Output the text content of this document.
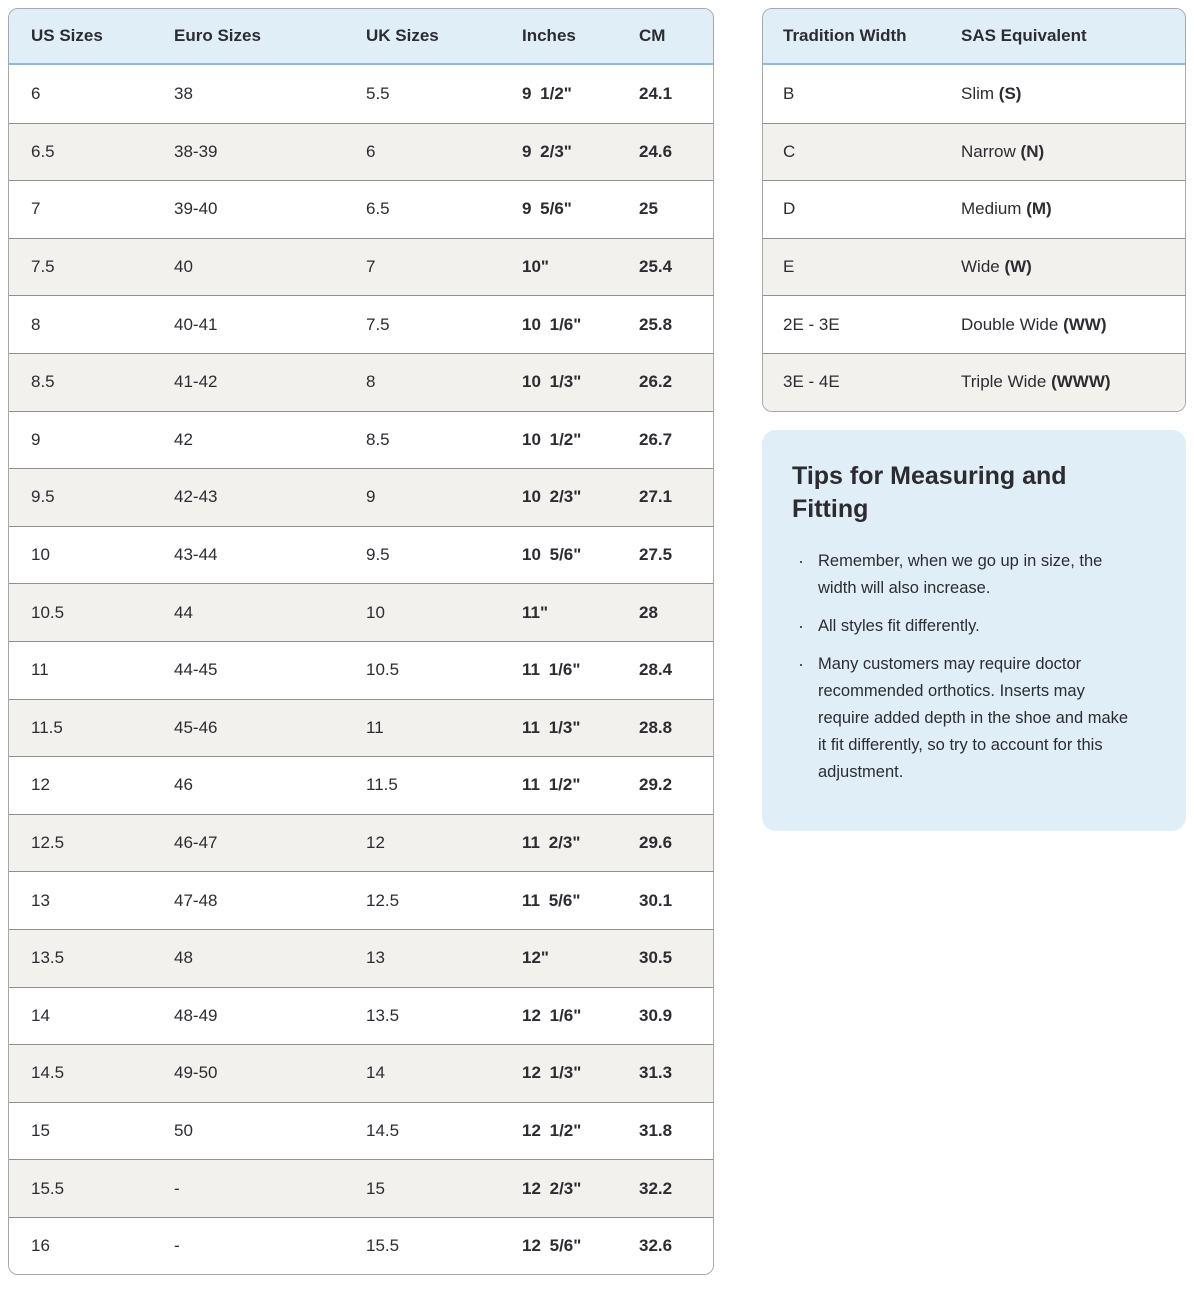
US Sizes	Euro Sizes	UK Sizes	Inches	CM
6	38	5.5	9 1/2"	24.1
6.5	38-39	6	9 2/3"	24.6
7	39-40	6.5	9 5/6"	25
7.5	40	7	10"	25.4
8	40-41	7.5	10 1/6"	25.8
8.5	41-42	8	10 1/3"	26.2
9	42	8.5	10 1/2"	26.7
9.5	42-43	9	10 2/3"	27.1
10	43-44	9.5	10 5/6"	27.5
10.5	44	10	11"	28
11	44-45	10.5	11 1/6"	28.4
11.5	45-46	11	11 1/3"	28.8
12	46	11.5	11 1/2"	29.2
12.5	46-47	12	11 2/3"	29.6
13	47-48	12.5	11 5/6"	30.1
13.5	48	13	12"	30.5
14	48-49	13.5	12 1/6"	30.9
14.5	49-50	14	12 1/3"	31.3
15	50	14.5	12 1/2"	31.8
15.5	-	15	12 2/3"	32.2
16	-	15.5	12 5/6"	32.6
Tradition Width	SAS Equivalent
B	Slim (S)
C	Narrow (N)
D	Medium (M)
E	Wide (W)
2E - 3E	Double Wide (WW)
3E - 4E	Triple Wide (WWW)
Tips for Measuring and Fitting
· Remember, when we go up in size, the width will also increase.
· All styles fit differently.
· Many customers may require doctor recommended orthotics. Inserts may require added depth in the shoe and make it fit differently, so try to account for this adjustment.
